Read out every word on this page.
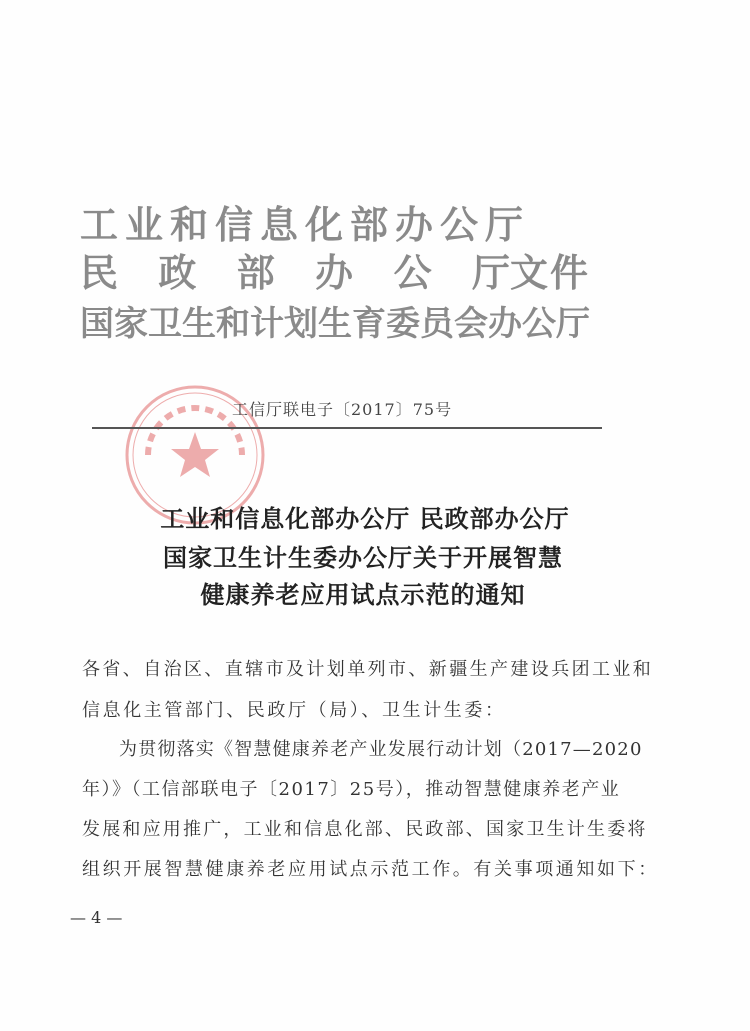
工业和信息化部办公厅
民 政 部 办 公 厅 文件
国家卫生和计划生育委员会办公厅
工信厅联电子〔2017〕75号
工业和信息化部办公厅 民政部办公厅
国家卫生计生委办公厅关于开展智慧
健康养老应用试点示范的通知
各省、自治区、直辖市及计划单列市、新疆生产建设兵团工业和
信息化主管部门、民政厅（局）、卫生计生委：
为贯彻落实《智慧健康养老产业发展行动计划（2017—2020
年）》（工信部联电子〔2017〕25号），推动智慧健康养老产业
发展和应用推广，工业和信息化部、民政部、国家卫生计生委将
组织开展智慧健康养老应用试点示范工作。有关事项通知如下：
— 4 —
